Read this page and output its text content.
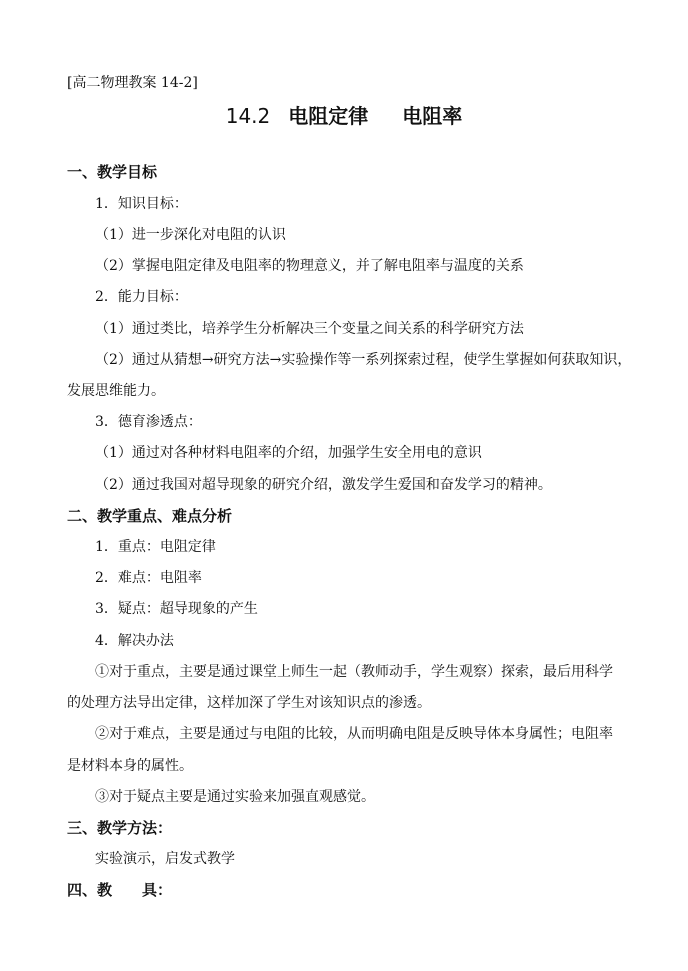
[高二物理教案 14-2]
14.2 电阻定律 电阻率
一、教学目标
1．知识目标：
（1）进一步深化对电阻的认识
（2）掌握电阻定律及电阻率的物理意义，并了解电阻率与温度的关系
2．能力目标：
（1）通过类比，培养学生分析解决三个变量之间关系的科学研究方法
（2）通过从猜想→研究方法→实验操作等一系列探索过程，使学生掌握如何获取知识，
发展思维能力。
3．德育渗透点：
（1）通过对各种材料电阻率的介绍，加强学生安全用电的意识
（2）通过我国对超导现象的研究介绍，激发学生爱国和奋发学习的精神。
二、教学重点、难点分析
1．重点：电阻定律
2．难点：电阻率
3．疑点：超导现象的产生
4．解决办法
①对于重点，主要是通过课堂上师生一起（教师动手，学生观察）探索，最后用科学
的处理方法导出定律，这样加深了学生对该知识点的渗透。
②对于难点，主要是通过与电阻的比较，从而明确电阻是反映导体本身属性；电阻率
是材料本身的属性。
③对于疑点主要是通过实验来加强直观感觉。
三、教学方法：
实验演示，启发式教学
四、教　　具：
